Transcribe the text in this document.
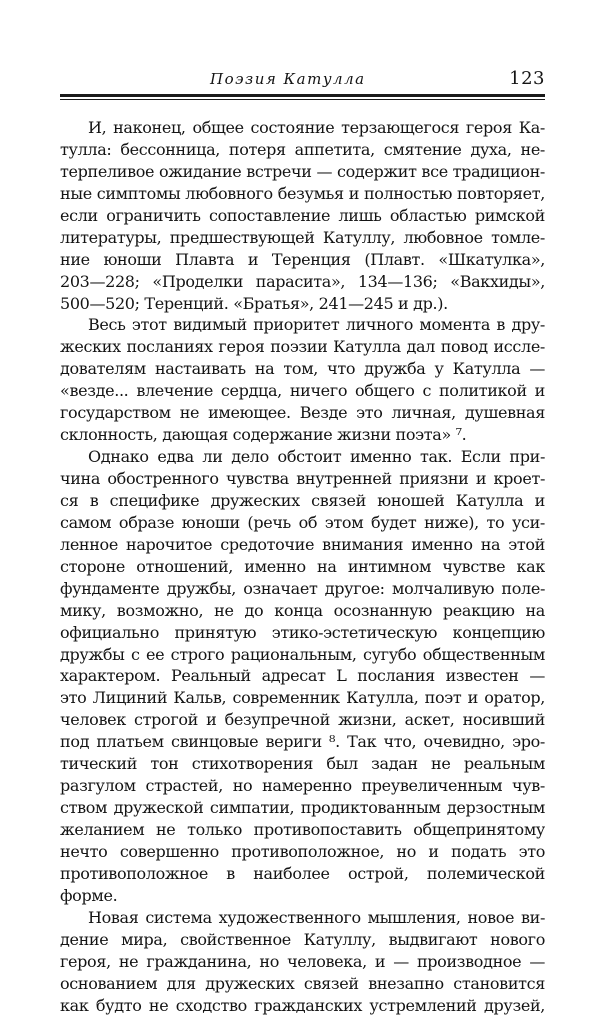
Поэзия Катулла	123
И, наконец, общее состояние терзающегося героя Ка-
тулла: бессонница, потеря аппетита, смятение духа, не-
терпеливое ожидание встречи — содержит все традицион-
ные симптомы любовного безумья и полностью повторяет,
если ограничить сопоставление лишь областью римской
литературы, предшествующей Катуллу, любовное томле-
ние юноши Плавта и Теренция (Плавт. «Шкатулка»,
203—228; «Проделки парасита», 134—136; «Вакхиды»,
500—520; Теренций. «Братья», 241—245 и др.).
Весь этот видимый приоритет личного момента в дру-
жеских посланиях героя поэзии Катулла дал повод иссле-
дователям настаивать на том, что дружба у Катулла —
«везде... влечение сердца, ничего общего с политикой и
государством не имеющее. Везде это личная, душевная
склонность, дающая содержание жизни поэта» ⁷.
Однако едва ли дело обстоит именно так. Если при-
чина обостренного чувства внутренней приязни и кроет-
ся в специфике дружеских связей юношей Катулла и
самом образе юноши (речь об этом будет ниже), то уси-
ленное нарочитое средоточие внимания именно на этой
стороне отношений, именно на интимном чувстве как
фундаменте дружбы, означает другое: молчаливую поле-
мику, возможно, не до конца осознанную реакцию на
официально принятую этико-эстетическую концепцию
дружбы с ее строго рациональным, сугубо общественным
характером. Реальный адресат L послания известен —
это Лициний Кальв, современник Катулла, поэт и оратор,
человек строгой и безупречной жизни, аскет, носивший
под платьем свинцовые вериги ⁸. Так что, очевидно, эро-
тический тон стихотворения был задан не реальным
разгулом страстей, но намеренно преувеличенным чув-
ством дружеской симпатии, продиктованным дерзостным
желанием не только противопоставить общепринятому
нечто совершенно противоположное, но и подать это
противоположное в наиболее острой, полемической
форме.
Новая система художественного мышления, новое ви-
дение мира, свойственное Катуллу, выдвигают нового
героя, не гражданина, но человека, и — производное —
основанием для дружеских связей внезапно становится
как будто не сходство гражданских устремлений друзей,
